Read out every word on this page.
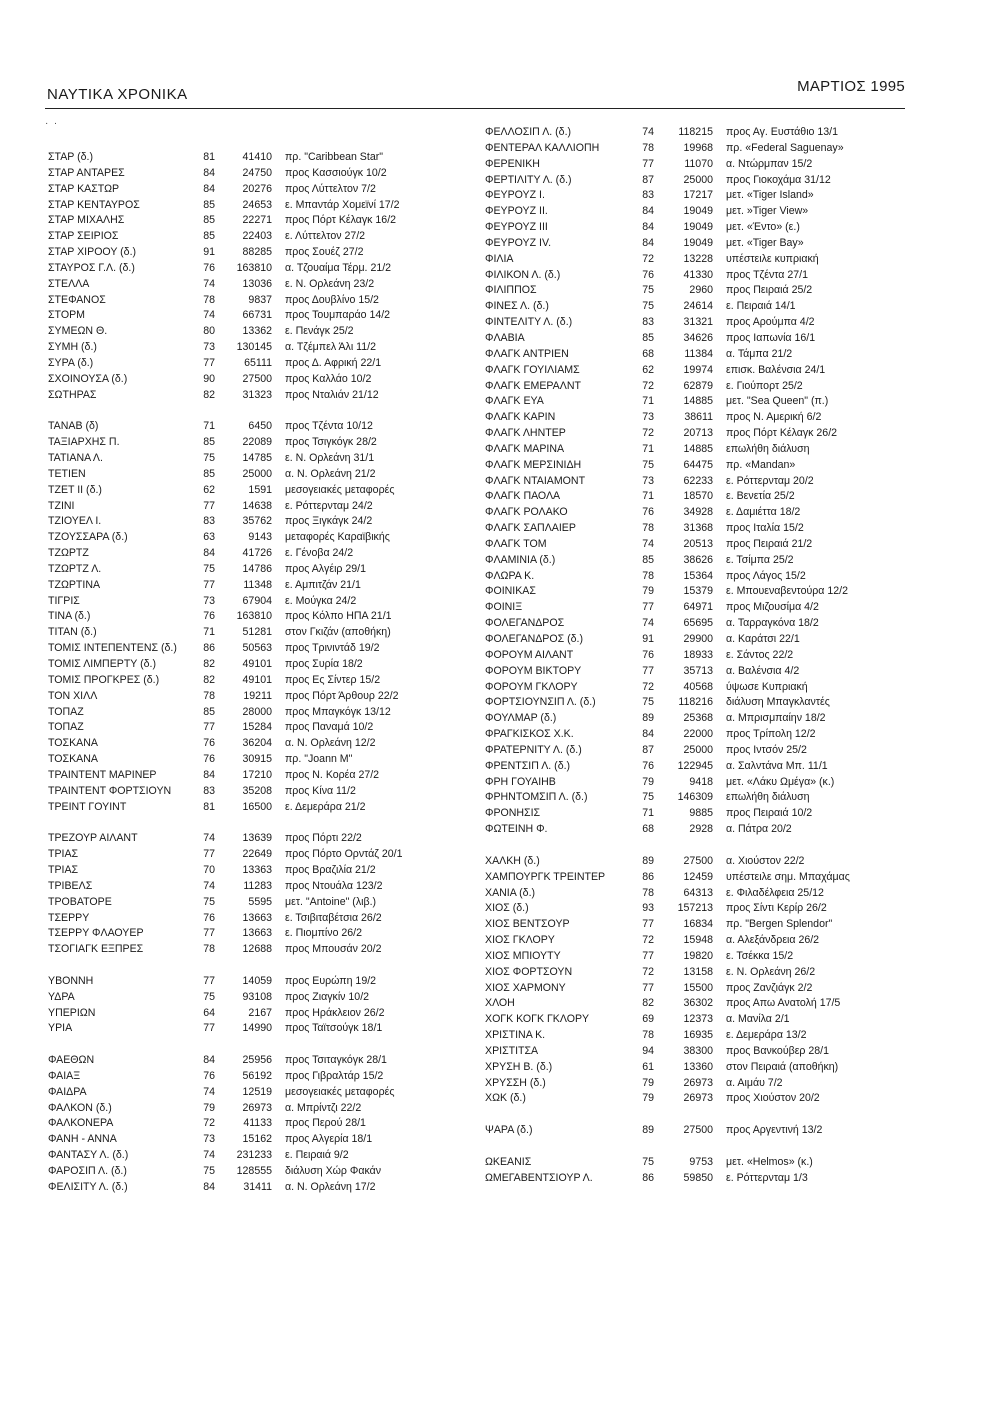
ΝΑΥΤΙΚΑ ΧΡΟΝΙΚΑ	ΜΑΡΤΙΟΣ 1995
·  ·
ΣΤΑΡ (δ.)	81	41410 πρ. "Caribbean Star"
ΣΤΑΡ ΑΝΤΑΡΕΣ	84	24750 προς Κασσιούγκ 10/2
ΣΤΑΡ ΚΑΣΤΩΡ	84	20276 προς Λύττελτον 7/2
ΣΤΑΡ ΚΕΝΤΑΥΡΟΣ	85	24653 ε. Μπαντάρ Χομεϊνί 17/2
ΣΤΑΡ ΜΙΧΑΛΗΣ	85	22271 προς Πόρτ Κέλαγκ 16/2
ΣΤΑΡ ΣΕΙΡΙΟΣ	85	22403 ε. Λύττελτον 27/2
ΣΤΑΡ ΧΙΡΟΟΥ (δ.)	91	88285 προς Σουέζ 27/2
ΣΤΑΥΡΟΣ Γ.Λ. (δ.)	76	163810 α. Τζουαίμα Τέρμ. 21/2
ΣΤΕΛΛΑ	74	13036 ε. Ν. Ορλεάνη 23/2
ΣΤΕΦΑΝΟΣ	78	9837 προς Δουβλίνο 15/2
ΣΤΟΡΜ	74	66731 προς Τουμπαράο 14/2
ΣΥΜΕΩΝ Θ.	80	13362 ε. Πενάγκ 25/2
ΣΥΜΗ (δ.)	73	130145 α. Τζέμπελ Άλι 11/2
ΣΥΡΑ (δ.)	77	65111 προς Δ. Αφρική 22/1
ΣΧΟΙΝΟΥΣΑ (δ.)	90	27500 προς Καλλάο 10/2
ΣΩΤΗΡΑΣ	82	31323 προς Νταλιάν 21/12
ΤΑΝΑΒ (δ)	71	6450 προς Τζέντα 10/12
ΤΑΞΙΑΡΧΗΣ Π.	85	22089 προς Τσιγκόγκ 28/2
ΤΑΤΙΑΝΑ Λ.	75	14785 ε. Ν. Ορλεάνη 31/1
ΤΕΤΙΕΝ	85	25000 α. Ν. Ορλεάνη 21/2
ΤΖΕΤ ΙΙ (δ.)	62	1591 μεσογειακές μεταφορές
ΤΖΙΝΙ	77	14638 ε. Ρόττερνταμ 24/2
ΤΖΙΟΥΕΛ Ι.	83	35762 προς Ξιγκάγκ 24/2
ΤΖΟΥΣΣΑΡΑ (δ.)	63	9143 μεταφορές Καραϊβικής
ΤΖΩΡΤΖ	84	41726 ε. Γένοβα 24/2
ΤΖΩΡΤΖ Λ.	75	14786 προς Αλγέιρ 29/1
ΤΖΩΡΤΙΝΑ	77	11348 ε. Αμπιτζάν 21/1
ΤΙΓΡΙΣ	73	67904 ε. Μούγκα 24/2
ΤΙΝΑ (δ.)	76	163810 προς Κόλπο ΗΠΑ 21/1
ΤΙΤΑΝ (δ.)	71	51281 στον Γκιζάν (αποθήκη)
ΤΟΜΙΣ ΙΝΤΕΠΕΝΤΕΝΣ (δ.)	86	50563 προς Τρινιντάδ 19/2
ΤΟΜΙΣ ΛΙΜΠΕΡΤΥ (δ.)	82	49101 προς Συρία 18/2
ΤΟΜΙΣ ΠΡΟΓΚΡΕΣ (δ.)	82	49101 προς Ες Σίντερ 15/2
ΤΟΝ ΧΙΛΛ	78	19211 προς Πόρτ Άρθουρ 22/2
ΤΟΠΑΖ	85	28000 προς Μπαγκόγκ 13/12
ΤΟΠΑΖ	77	15284 προς Παναμά 10/2
ΤΟΣΚΑΝΑ	76	36204 α. Ν. Ορλεάνη 12/2
ΤΟΣΚΑΝΑ	76	30915 πρ. "Joann M"
ΤΡΑΙΝΤΕΝΤ ΜΑΡΙΝΕΡ	84	17210 προς Ν. Κορέα 27/2
ΤΡΑΙΝΤΕΝΤ ΦΟΡΤΣΙΟΥΝ	83	35208 προς Κίνα 11/2
ΤΡΕΙΝΤ ΓΟΥΙΝΤ	81	16500 ε. Δεμεράρα 21/2
ΤΡΕΖΟΥΡ ΑΙΛΑΝΤ	74	13639 προς Πόρτι 22/2
ΤΡΙΑΣ	77	22649 προς Πόρτο Ορντάζ 20/1
ΤΡΙΑΣ	70	13363 προς Βραζιλία 21/2
ΤΡΙΒΕΛΣ	74	11283 προς Ντουάλα 123/2
ΤΡΟΒΑΤΟΡΕ	75	5595 μετ. "Antoine" (λιβ.)
ΤΣΕΡΡΥ	76	13663 ε. Τσιβιταβέτσια 26/2
ΤΣΕΡΡΥ ΦΛΑΟΥΕΡ	77	13663 ε. Πιομπίνο 26/2
ΤΣΟΓΙΑΓΚ ΕΞΠΡΕΣ	78	12688 προς Μπουσάν 20/2
ΥΒΟΝΝΗ	77	14059 προς Ευρώπη 19/2
ΥΔΡΑ	75	93108 προς Ζιαγκίν 10/2
ΥΠΕΡΙΩΝ	64	2167 προς Ηράκλειον 26/2
ΥΡΙΑ	77	14990 προς Ταϊτσούγκ 18/1
ΦΑΕΘΩΝ	84	25956 προς Τσιταγκόγκ 28/1
ΦΑΙΑΞ	76	56192 προς Γιβραλτάρ 15/2
ΦΑΙΔΡΑ	74	12519 μεσογειακές μεταφορές
ΦΑΛΚΟΝ (δ.)	79	26973 α. Μπρίντζι 22/2
ΦΑΛΚΟΝΕΡΑ	72	41133 προς Περού 28/1
ΦΑΝΗ - ΑΝΝΑ	73	15162 προς Αλγερία 18/1
ΦΑΝΤΑΣΥ Λ. (δ.)	74	231233 ε. Πειραιά 9/2
ΦΑΡΟΣΙΠ Λ. (δ.)	75	128555 διάλυση Χώρ Φακάν
ΦΕΛΙΣΙΤΥ Λ. (δ.)	84	31411 α. Ν. Ορλεάνη 17/2
ΦΕΛΛΟΣΙΠ Λ. (δ.)	74	118215 προς Αγ. Ευστάθιο 13/1
ΦΕΝΤΕΡΑΛ ΚΑΛΛΙΟΠΗ	78	19968 πρ. «Federal Saguenay»
ΦΕΡΕΝΙΚΗ	77	11070 α. Ντώρμπαν 15/2
ΦΕΡΤΙΛΙΤΥ Λ. (δ.)	87	25000 προς Γιοκοχάμα 31/12
ΦΕΥΡΟΥΖ Ι.	83	17217 μετ. «Tiger Island»
ΦΕΥΡΟΥΖ ΙΙ.	84	19049 μετ. »Tiger View»
ΦΕΥΡΟΥΖ ΙΙΙ	84	19049 μετ. «Έντο» (ε.)
ΦΕΥΡΟΥΖ IV.	84	19049 μετ. «Tiger Bay»
ΦΙΛΙΑ	72	13228 υπέστειλε κυπριακή
ΦΙΛΙΚΟΝ Λ. (δ.)	76	41330 προς Τζέντα 27/1
ΦΙΛΙΠΠΟΣ	75	2960 προς Πειραιά 25/2
ΦΙΝΕΣ Λ. (δ.)	75	24614 ε. Πειραιά 14/1
ΦΙΝΤΕΛΙΤΥ Λ. (δ.)	83	31321 προς Αρούμπα 4/2
ΦΛΑΒΙΑ	85	34626 προς Ιαπωνία 16/1
ΦΛΑΓΚ ΑΝΤΡΙΕΝ	68	11384 α. Τάμπα 21/2
ΦΛΑΓΚ ΓΟΥΙΛΙΑΜΣ	62	19974 επισκ. Βαλένσια 24/1
ΦΛΑΓΚ ΕΜΕΡΑΛΝΤ	72	62879 ε. Γιούπορτ 25/2
ΦΛΑΓΚ ΕΥΑ	71	14885 μετ. "Sea Queen" (π.)
ΦΛΑΓΚ ΚΑΡΙΝ	73	38611 προς Ν. Αμερική 6/2
ΦΛΑΓΚ ΛΗΝΤΕΡ	72	20713 προς Πόρτ Κέλαγκ 26/2
ΦΛΑΓΚ ΜΑΡΙΝΑ	71	14885 επωλήθη διάλυση
ΦΛΑΓΚ ΜΕΡΣΙΝΙΔΗ	75	64475 πρ. «Mandan»
ΦΛΑΓΚ ΝΤΑΙΑΜΟΝΤ	73	62233 ε. Ρόττερνταμ 20/2
ΦΛΑΓΚ ΠΑΟΛΑ	71	18570 ε. Βενετία 25/2
ΦΛΑΓΚ ΡΟΛΑΚΟ	76	34928 ε. Δαμιέττα 18/2
ΦΛΑΓΚ ΣΑΠΛΑΙΕΡ	78	31368 προς Ιταλία 15/2
ΦΛΑΓΚ ΤΟΜ	74	20513 προς Πειραιά 21/2
ΦΛΑΜΙΝΙΑ (δ.)	85	38626 ε. Τσίμπα 25/2
ΦΛΩΡΑ Κ.	78	15364 προς Λάγος 15/2
ΦΟΙΝΙΚΑΣ	79	15379 ε. Μπουεναβεντούρα 12/2
ΦΟΙΝΙΞ	77	64971 προς Μιζουσίμα 4/2
ΦΟΛΕΓΑΝΔΡΟΣ	74	65695 α. Ταρραγκόνα 18/2
ΦΟΛΕΓΑΝΔΡΟΣ (δ.)	91	29900 α. Καράτσι 22/1
ΦΟΡΟΥΜ ΑΙΛΑΝΤ	76	18933 ε. Σάντος 22/2
ΦΟΡΟΥΜ ΒΙΚΤΟΡΥ	77	35713 α. Βαλένσια 4/2
ΦΟΡΟΥΜ ΓΚΛΟΡΥ	72	40568 ύψωσε Κυπριακή
ΦΟΡΤΣΙΟΥΝΣΙΠ Λ. (δ.)	75	118216 διάλυση Μπαγκλαντές
ΦΟΥΛΜΑΡ (δ.)	89	25368 α. Μπρισμπαίην 18/2
ΦΡΑΓΚΙΣΚΟΣ Χ.Κ.	84	22000 προς Τρίπολη 12/2
ΦΡΑΤΕΡΝΙΤΥ Λ. (δ.)	87	25000 προς Ιντσόν 25/2
ΦΡΕΝΤΣΙΠ Λ. (δ.)	76	122945 α. Σαλντάνα Μπ. 11/1
ΦΡΗ ΓΟΥΑΙΗΒ	79	9418 μετ. «Λάκυ Ωμέγα» (κ.)
ΦΡΗΝΤΟΜΣΙΠ Λ. (δ.)	75	146309 επωλήθη διάλυση
ΦΡΟΝΗΣΙΣ	71	9885 προς Πειραιά 10/2
ΦΩΤΕΙΝΗ Φ.	68	2928 α. Πάτρα 20/2
ΧΑΛΚΗ (δ.)	89	27500 α. Χιούστον 22/2
ΧΑΜΠΟΥΡΓΚ ΤΡΕΙΝΤΕΡ	86	12459 υπέστειλε σημ. Μπαχάμας
ΧΑΝΙΑ (δ.)	78	64313 ε. Φιλαδέλφεια 25/12
ΧΙΟΣ (δ.)	93	157213 προς Σίντι Κερίρ 26/2
ΧΙΟΣ ΒΕΝΤΣΟΥΡ	77	16834 πρ. "Bergen Splendor"
ΧΙΟΣ ΓΚΛΟΡΥ	72	15948 α. Αλεξάνδρεια 26/2
ΧΙΟΣ ΜΠΙΟΥΤΥ	77	19820 ε. Τσέκκα 15/2
ΧΙΟΣ ΦΟΡΤΣΟΥΝ	72	13158 ε. Ν. Ορλεάνη 26/2
ΧΙΟΣ ΧΑΡΜΟΝΥ	77	15500 προς Ζανζιάγκ 2/2
ΧΛΟΗ	82	36302 προς Απω Ανατολή 17/5
ΧΟΓΚ ΚΟΓΚ ΓΚΛΟΡΥ	69	12373 α. Μανίλα 2/1
ΧΡΙΣΤΙΝΑ Κ.	78	16935 ε. Δεμεράρα 13/2
ΧΡΙΣΤΙΤΣΑ	94	38300 προς Βανκούβερ 28/1
ΧΡΥΣΗ Β. (δ.)	61	13360 στον Πειραιά (αποθήκη)
ΧΡΥΣΣΗ (δ.)	79	26973 α. Αιμάυ 7/2
ΧΩΚ (δ.)	79	26973 προς Χιούστον 20/2
ΨΑΡΑ (δ.)	89	27500 προς Αργεντινή 13/2
ΩΚΕΑΝΙΣ	75	9753 μετ. «Helmos» (κ.)
ΩΜΕΓΑΒΕΝΤΣΙΟΥΡ Λ.	86	59850 ε. Ρόττερνταμ 1/3
